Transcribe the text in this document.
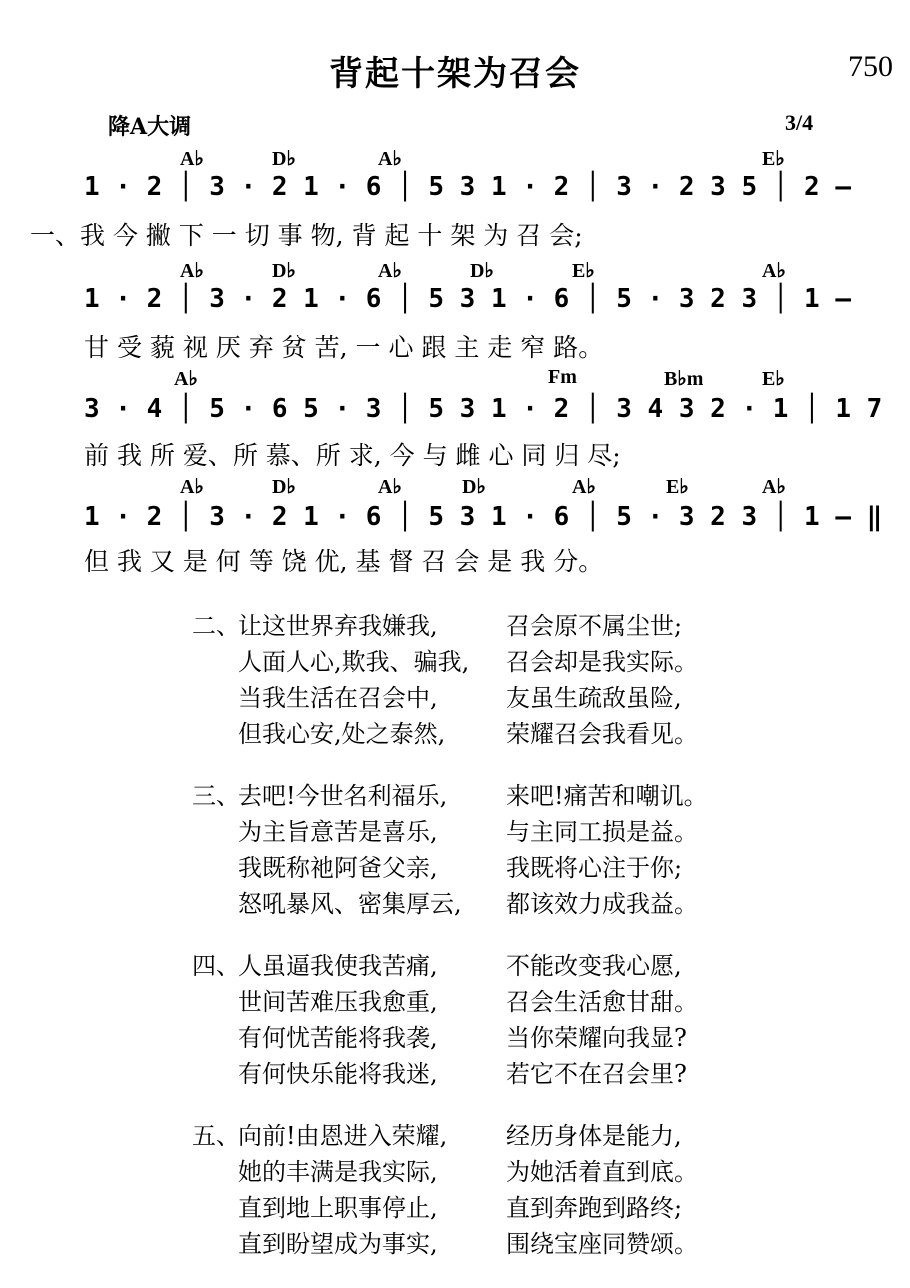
背起十架为召会	750
降A大调	3/4
A♭	D♭	A♭	E♭
1 · 2 │ 3 · 2 1 · 6 │ 5 3 1 · 2 │ 3 · 2 3 5 │ 2 —
一、我 今 撇 下 一 切 事 物, 背 起 十 架 为 召 会;
A♭	D♭	A♭	D♭	E♭	A♭
1 · 2 │ 3 · 2 1 · 6 │ 5 3 1 · 6 │ 5 · 3 2 3 │ 1 —
甘 受 藐 视 厌 弃 贫 苦, 一 心 跟 主 走 窄 路。
A♭	Fm	B♭m	E♭
3 · 4 │ 5 · 6 5 · 3 │ 5 3 1 · 2 │ 3 4 3 2 · 1 │ 1 7
前 我 所 爱、所 慕、所 求, 今 与 雌 心 同 归 尽;
A♭	D♭	A♭	D♭	A♭	E♭	A♭
1 · 2 │ 3 · 2 1 · 6 │ 5 3 1 · 6 │ 5 · 3 2 3 │ 1 — ‖
但 我 又 是 何 等 饶 优, 基 督 召 会 是 我 分。
二、
让这世界弃我嫌我,	召会原不属尘世;
人面人心,欺我、骗我,	召会却是我实际。
当我生活在召会中,	友虽生疏敌虽险,
但我心安,处之泰然,	荣耀召会我看见。
三、
去吧!今世名利福乐,	来吧!痛苦和嘲讥。
为主旨意苦是喜乐,	与主同工损是益。
我既称祂阿爸父亲,	我既将心注于你;
怒吼暴风、密集厚云,	都该效力成我益。
四、
人虽逼我使我苦痛,	不能改变我心愿,
世间苦难压我愈重,	召会生活愈甘甜。
有何忧苦能将我袭,	当你荣耀向我显?
有何快乐能将我迷,	若它不在召会里?
五、
向前!由恩进入荣耀,	经历身体是能力,
她的丰满是我实际,	为她活着直到底。
直到地上职事停止,	直到奔跑到路终;
直到盼望成为事实,	围绕宝座同赞颂。
